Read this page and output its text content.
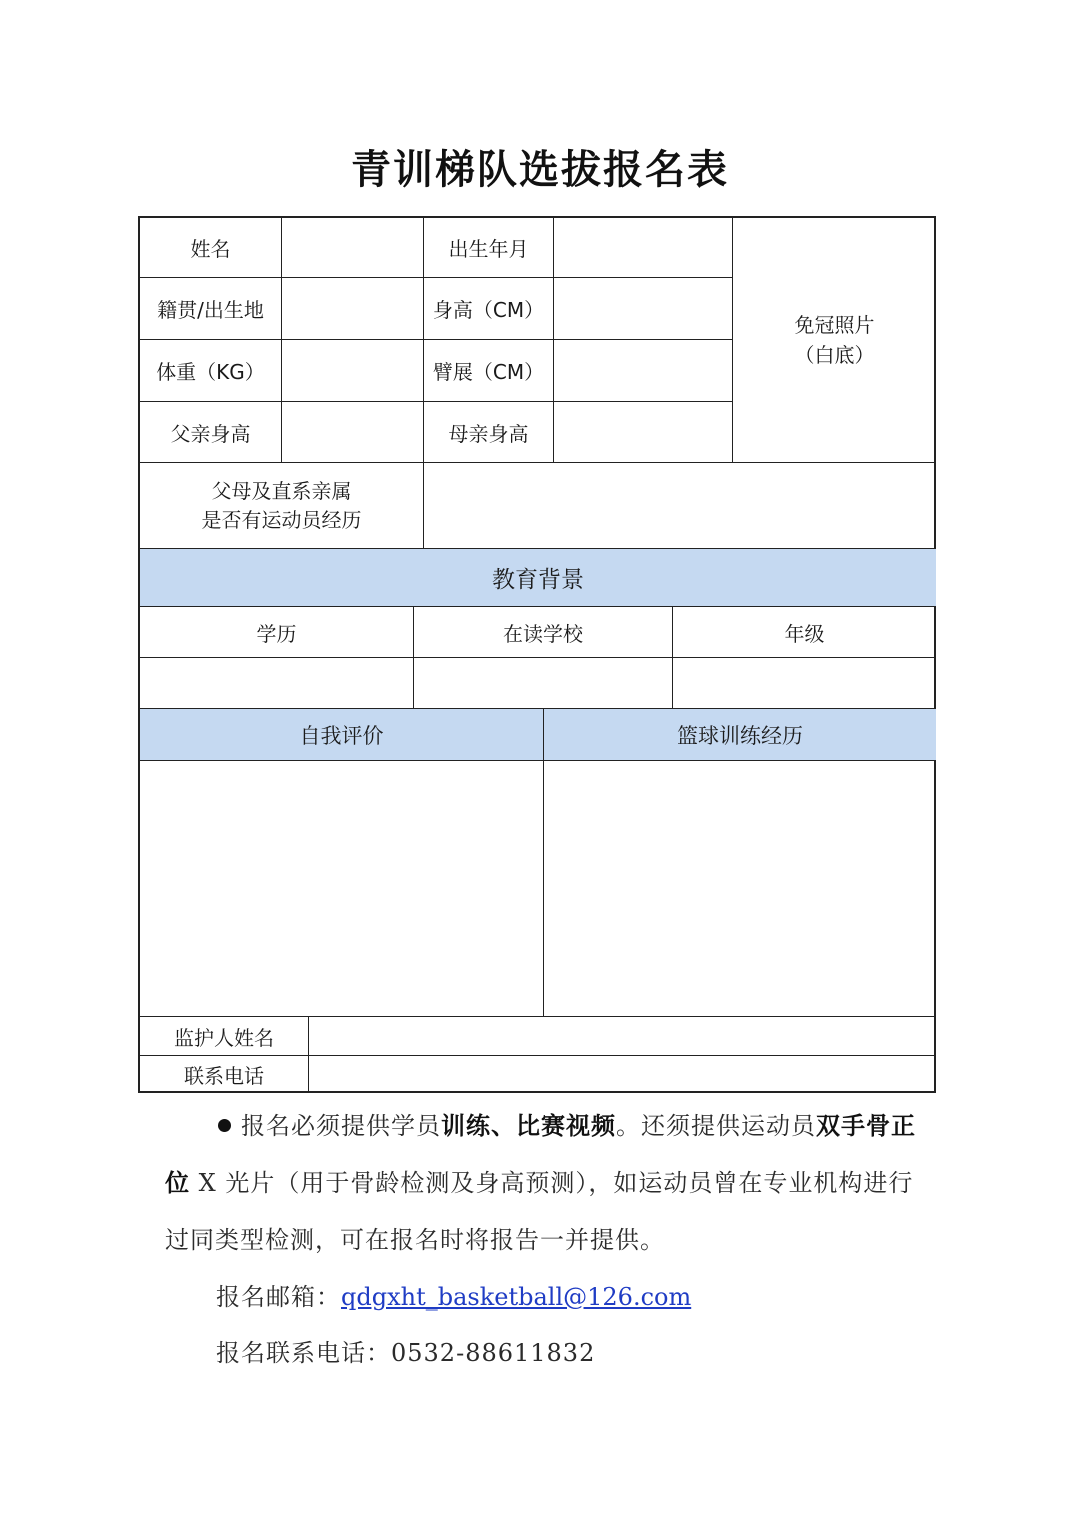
青训梯队选拔报名表
姓名	出生年月
籍贯/出生地	身高（CM）
体重（KG）	臂展（CM）
父亲身高	母亲身高
免冠照片
（白底）
父母及直系亲属
是否有运动员经历
教育背景
学历	在读学校	年级
自我评价	篮球训练经历
监护人姓名
联系电话
报名必须提供学员训练、比赛视频。还须提供运动员双手骨正
位 X 光片（用于骨龄检测及身高预测），如运动员曾在专业机构进行
过同类型检测，可在报名时将报告一并提供。
报名邮箱：qdgxht_basketball@126.com
报名联系电话：0532-88611832
